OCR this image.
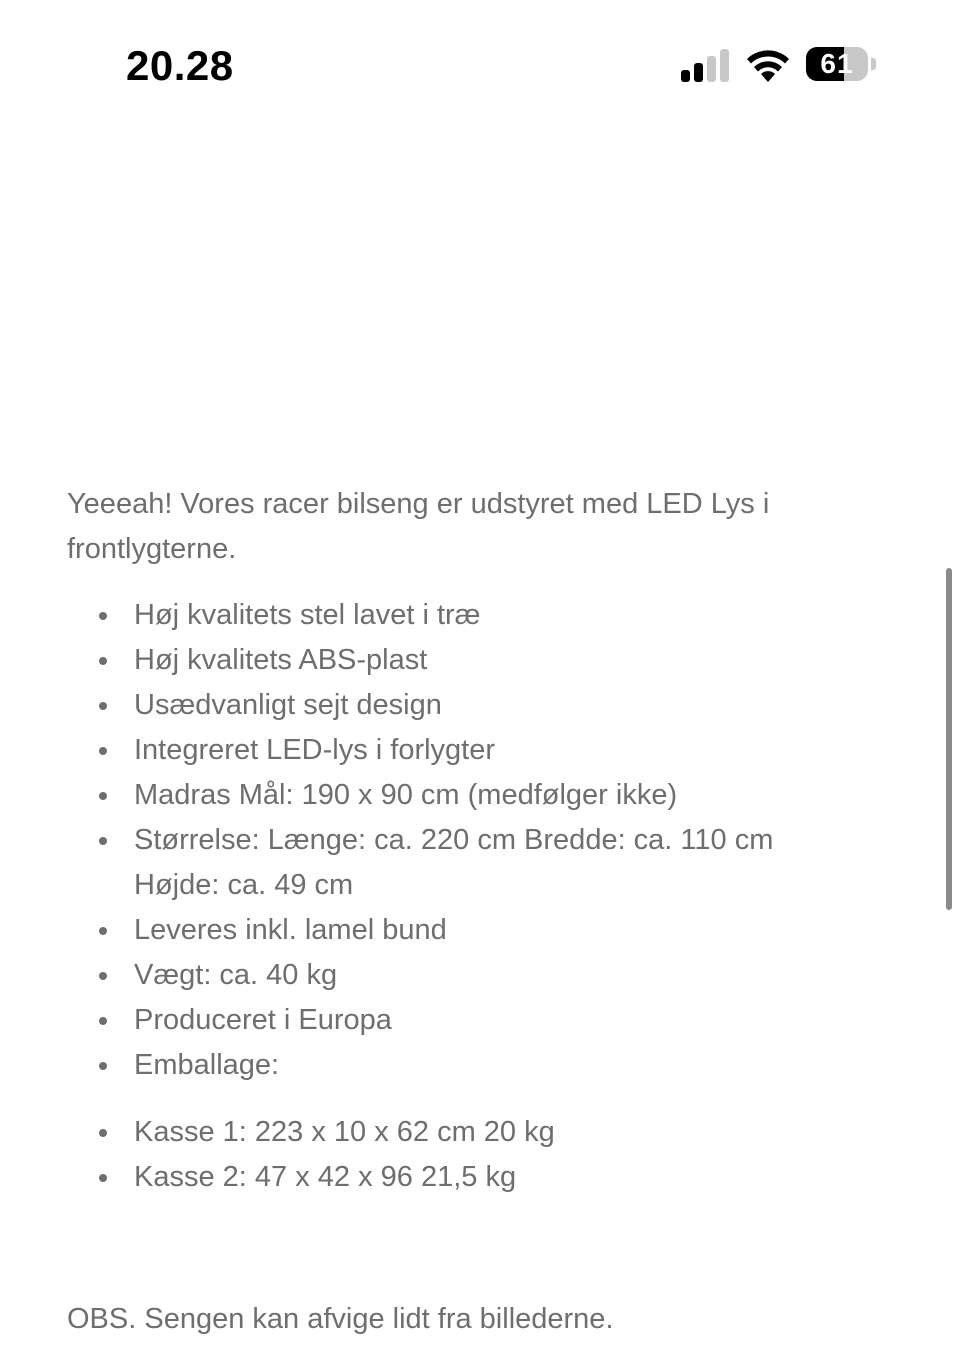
20.28	61

Yeeeah! Vores racer bilseng er udstyret med LED Lys i frontlygterne.

Høj kvalitets stel lavet i træ
Høj kvalitets ABS-plast
Usædvanligt sejt design
Integreret LED-lys i forlygter
Madras Mål: 190 x 90 cm (medfølger ikke)
Størrelse: Længe: ca. 220 cm Bredde: ca. 110 cm Højde: ca. 49 cm
Leveres inkl. lamel bund
Vægt: ca. 40 kg
Produceret i Europa
Emballage:
Kasse 1: 223 x 10 x 62 cm 20 kg
Kasse 2: 47 x 42 x 96 21,5 kg

OBS. Sengen kan afvige lidt fra billederne.
